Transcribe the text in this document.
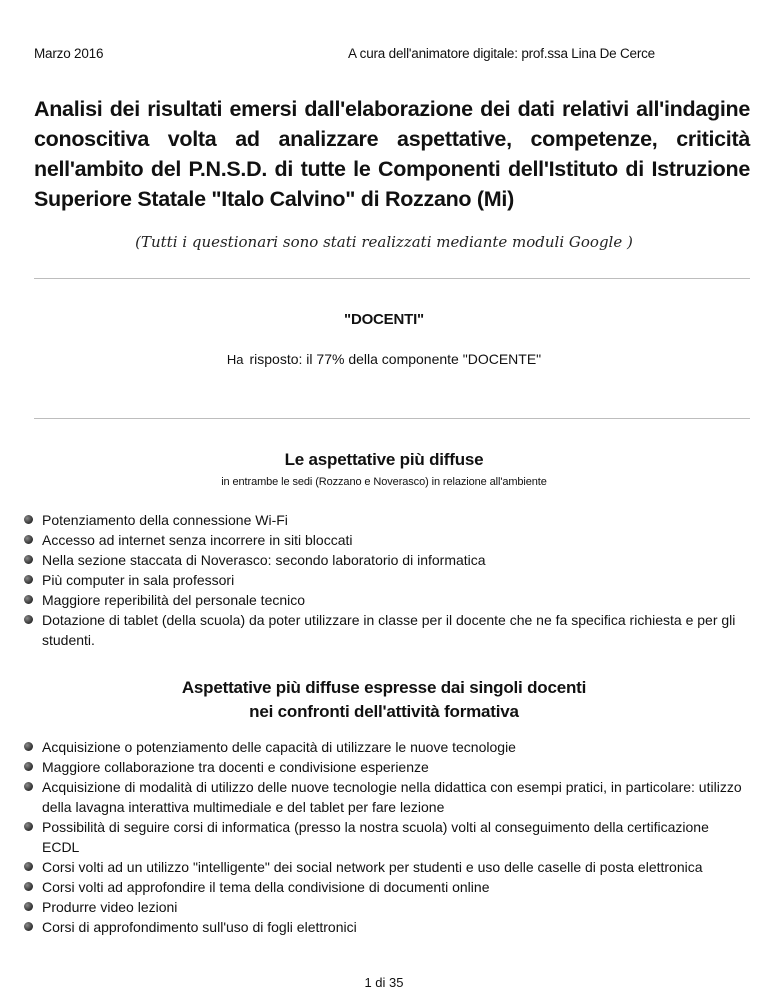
Marzo 2016	A cura dell'animatore digitale: prof.ssa Lina De Cerce
Analisi dei risultati emersi dall'elaborazione dei dati relativi all'indagine conoscitiva volta ad analizzare aspettative, competenze, criticità nell'ambito del P.N.S.D. di tutte le Componenti dell'Istituto di Istruzione Superiore Statale "Italo Calvino" di Rozzano (Mi)
(Tutti i questionari sono stati realizzati mediante moduli Google )
"DOCENTI"
Ha risposto: il 77% della componente "DOCENTE"
Le aspettative più diffuse
in entrambe le sedi (Rozzano e Noverasco) in relazione all'ambiente
Potenziamento della connessione Wi-Fi
Accesso ad internet senza incorrere in siti bloccati
Nella sezione staccata di Noverasco: secondo laboratorio di informatica
Più computer in sala professori
Maggiore reperibilità del personale tecnico
Dotazione di tablet (della scuola) da poter utilizzare in classe per il docente che ne fa specifica richiesta e per gli studenti.
Aspettative più diffuse espresse dai singoli docenti
nei confronti dell'attività formativa
Acquisizione o potenziamento delle capacità di utilizzare le nuove tecnologie
Maggiore collaborazione tra docenti e condivisione esperienze
Acquisizione di modalità di utilizzo delle nuove tecnologie nella didattica con esempi pratici, in particolare: utilizzo della lavagna interattiva multimediale e del tablet per fare lezione
Possibilità di seguire corsi di informatica (presso la nostra scuola) volti al conseguimento della certificazione ECDL
Corsi volti ad un utilizzo "intelligente" dei social network per studenti e uso delle caselle di posta elettronica
Corsi volti ad approfondire il tema della condivisione di documenti online
Produrre video lezioni
Corsi di approfondimento sull'uso di fogli elettronici
1 di 35
